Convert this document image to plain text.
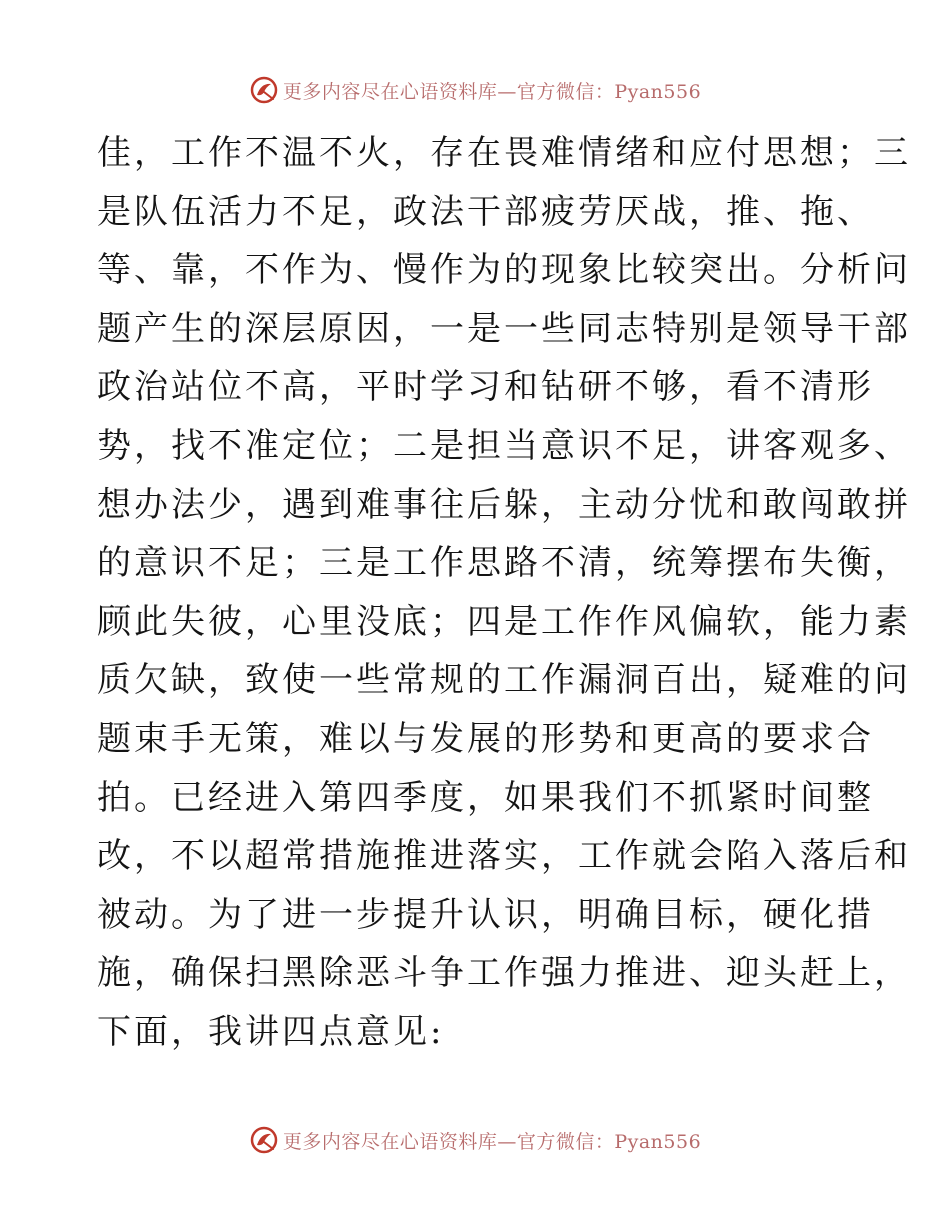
更多内容尽在心语资料库—官方微信：Pyan556
佳，工作不温不火，存在畏难情绪和应付思想；三
是队伍活力不足，政法干部疲劳厌战，推、拖、
等、靠，不作为、慢作为的现象比较突出。分析问
题产生的深层原因，一是一些同志特别是领导干部
政治站位不高，平时学习和钻研不够，看不清形
势，找不准定位；二是担当意识不足，讲客观多、
想办法少，遇到难事往后躲，主动分忧和敢闯敢拼
的意识不足；三是工作思路不清，统筹摆布失衡，
顾此失彼，心里没底；四是工作作风偏软，能力素
质欠缺，致使一些常规的工作漏洞百出，疑难的问
题束手无策，难以与发展的形势和更高的要求合
拍。已经进入第四季度，如果我们不抓紧时间整
改，不以超常措施推进落实，工作就会陷入落后和
被动。为了进一步提升认识，明确目标，硬化措
施，确保扫黑除恶斗争工作强力推进、迎头赶上，
下面，我讲四点意见:
更多内容尽在心语资料库—官方微信：Pyan556
